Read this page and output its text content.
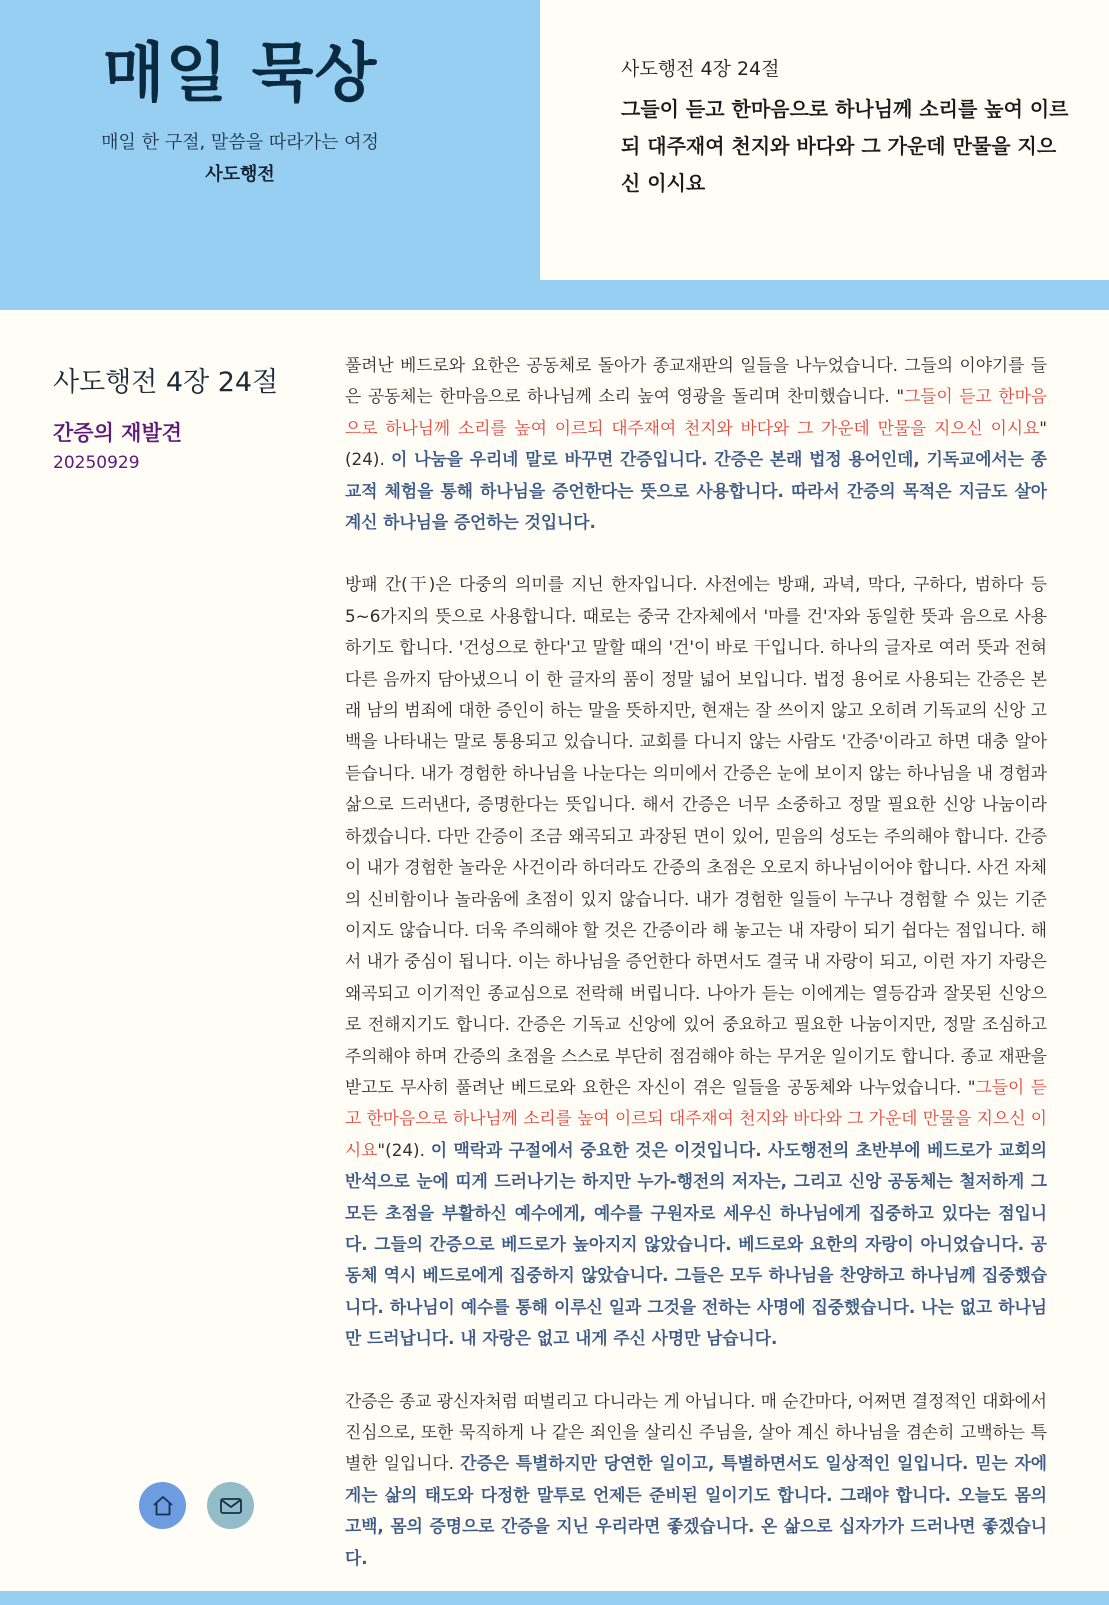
매일 묵상
매일 한 구절, 말씀을 따라가는 여정
사도행전
사도행전 4장 24절
그들이 듣고 한마음으로 하나님께 소리를 높여 이르되 대주재여 천지와 바다와 그 가운데 만물을 지으신 이시요
사도행전 4장 24절
간증의 재발견
20250929

풀려난 베드로와 요한은 공동체로 돌아가 종교재판의 일들을 나누었습니다. 그들의 이야기를 들은 공동체는 한마음으로 하나님께 소리 높여 영광을 돌리며 찬미했습니다. "그들이 듣고 한마음으로 하나님께 소리를 높여 이르되 대주재여 천지와 바다와 그 가운데 만물을 지으신 이시요"(24). 이 나눔을 우리네 말로 바꾸면 간증입니다. 간증은 본래 법정 용어인데, 기독교에서는 종교적 체험을 통해 하나님을 증언한다는 뜻으로 사용합니다. 따라서 간증의 목적은 지금도 살아 계신 하나님을 증언하는 것입니다.

방패 간(干)은 다중의 의미를 지닌 한자입니다. 사전에는 방패, 과녁, 막다, 구하다, 범하다 등 5~6가지의 뜻으로 사용합니다. 때로는 중국 간자체에서 '마를 건'자와 동일한 뜻과 음으로 사용하기도 합니다. '건성으로 한다'고 말할 때의 '건'이 바로 干입니다. 하나의 글자로 여러 뜻과 전혀 다른 음까지 담아냈으니 이 한 글자의 품이 정말 넓어 보입니다. 법정 용어로 사용되는 간증은 본래 남의 범죄에 대한 증인이 하는 말을 뜻하지만, 현재는 잘 쓰이지 않고 오히려 기독교의 신앙 고백을 나타내는 말로 통용되고 있습니다. 교회를 다니지 않는 사람도 '간증'이라고 하면 대충 알아 듣습니다. 내가 경험한 하나님을 나눈다는 의미에서 간증은 눈에 보이지 않는 하나님을 내 경험과 삶으로 드러낸다, 증명한다는 뜻입니다. 해서 간증은 너무 소중하고 정말 필요한 신앙 나눔이라 하겠습니다. 다만 간증이 조금 왜곡되고 과장된 면이 있어, 믿음의 성도는 주의해야 합니다. 간증이 내가 경험한 놀라운 사건이라 하더라도 간증의 초점은 오로지 하나님이어야 합니다. 사건 자체의 신비함이나 놀라움에 초점이 있지 않습니다. 내가 경험한 일들이 누구나 경험할 수 있는 기준이지도 않습니다. 더욱 주의해야 할 것은 간증이라 해 놓고는 내 자랑이 되기 쉽다는 점입니다. 해서 내가 중심이 됩니다. 이는 하나님을 증언한다 하면서도 결국 내 자랑이 되고, 이런 자기 자랑은 왜곡되고 이기적인 종교심으로 전락해 버립니다. 나아가 듣는 이에게는 열등감과 잘못된 신앙으로 전해지기도 합니다. 간증은 기독교 신앙에 있어 중요하고 필요한 나눔이지만, 정말 조심하고 주의해야 하며 간증의 초점을 스스로 부단히 점검해야 하는 무거운 일이기도 합니다. 종교 재판을 받고도 무사히 풀려난 베드로와 요한은 자신이 겪은 일들을 공동체와 나누었습니다. "그들이 듣고 한마음으로 하나님께 소리를 높여 이르되 대주재여 천지와 바다와 그 가운데 만물을 지으신 이시요"(24). 이 맥락과 구절에서 중요한 것은 이것입니다. 사도행전의 초반부에 베드로가 교회의 반석으로 눈에 띠게 드러나기는 하지만 누가-행전의 저자는, 그리고 신앙 공동체는 철저하게 그 모든 초점을 부활하신 예수에게, 예수를 구원자로 세우신 하나님에게 집중하고 있다는 점입니다. 그들의 간증으로 베드로가 높아지지 않았습니다. 베드로와 요한의 자랑이 아니었습니다. 공동체 역시 베드로에게 집중하지 않았습니다. 그들은 모두 하나님을 찬양하고 하나님께 집중했습니다. 하나님이 예수를 통해 이루신 일과 그것을 전하는 사명에 집중했습니다. 나는 없고 하나님만 드러납니다. 내 자랑은 없고 내게 주신 사명만 남습니다.

간증은 종교 광신자처럼 떠벌리고 다니라는 게 아닙니다. 매 순간마다, 어쩌면 결정적인 대화에서 진심으로, 또한 묵직하게 나 같은 죄인을 살리신 주님을, 살아 계신 하나님을 겸손히 고백하는 특별한 일입니다. 간증은 특별하지만 당연한 일이고, 특별하면서도 일상적인 일입니다. 믿는 자에게는 삶의 태도와 다정한 말투로 언제든 준비된 일이기도 합니다. 그래야 합니다. 오늘도 몸의 고백, 몸의 증명으로 간증을 지닌 우리라면 좋겠습니다. 온 삶으로 십자가가 드러나면 좋겠습니다.
